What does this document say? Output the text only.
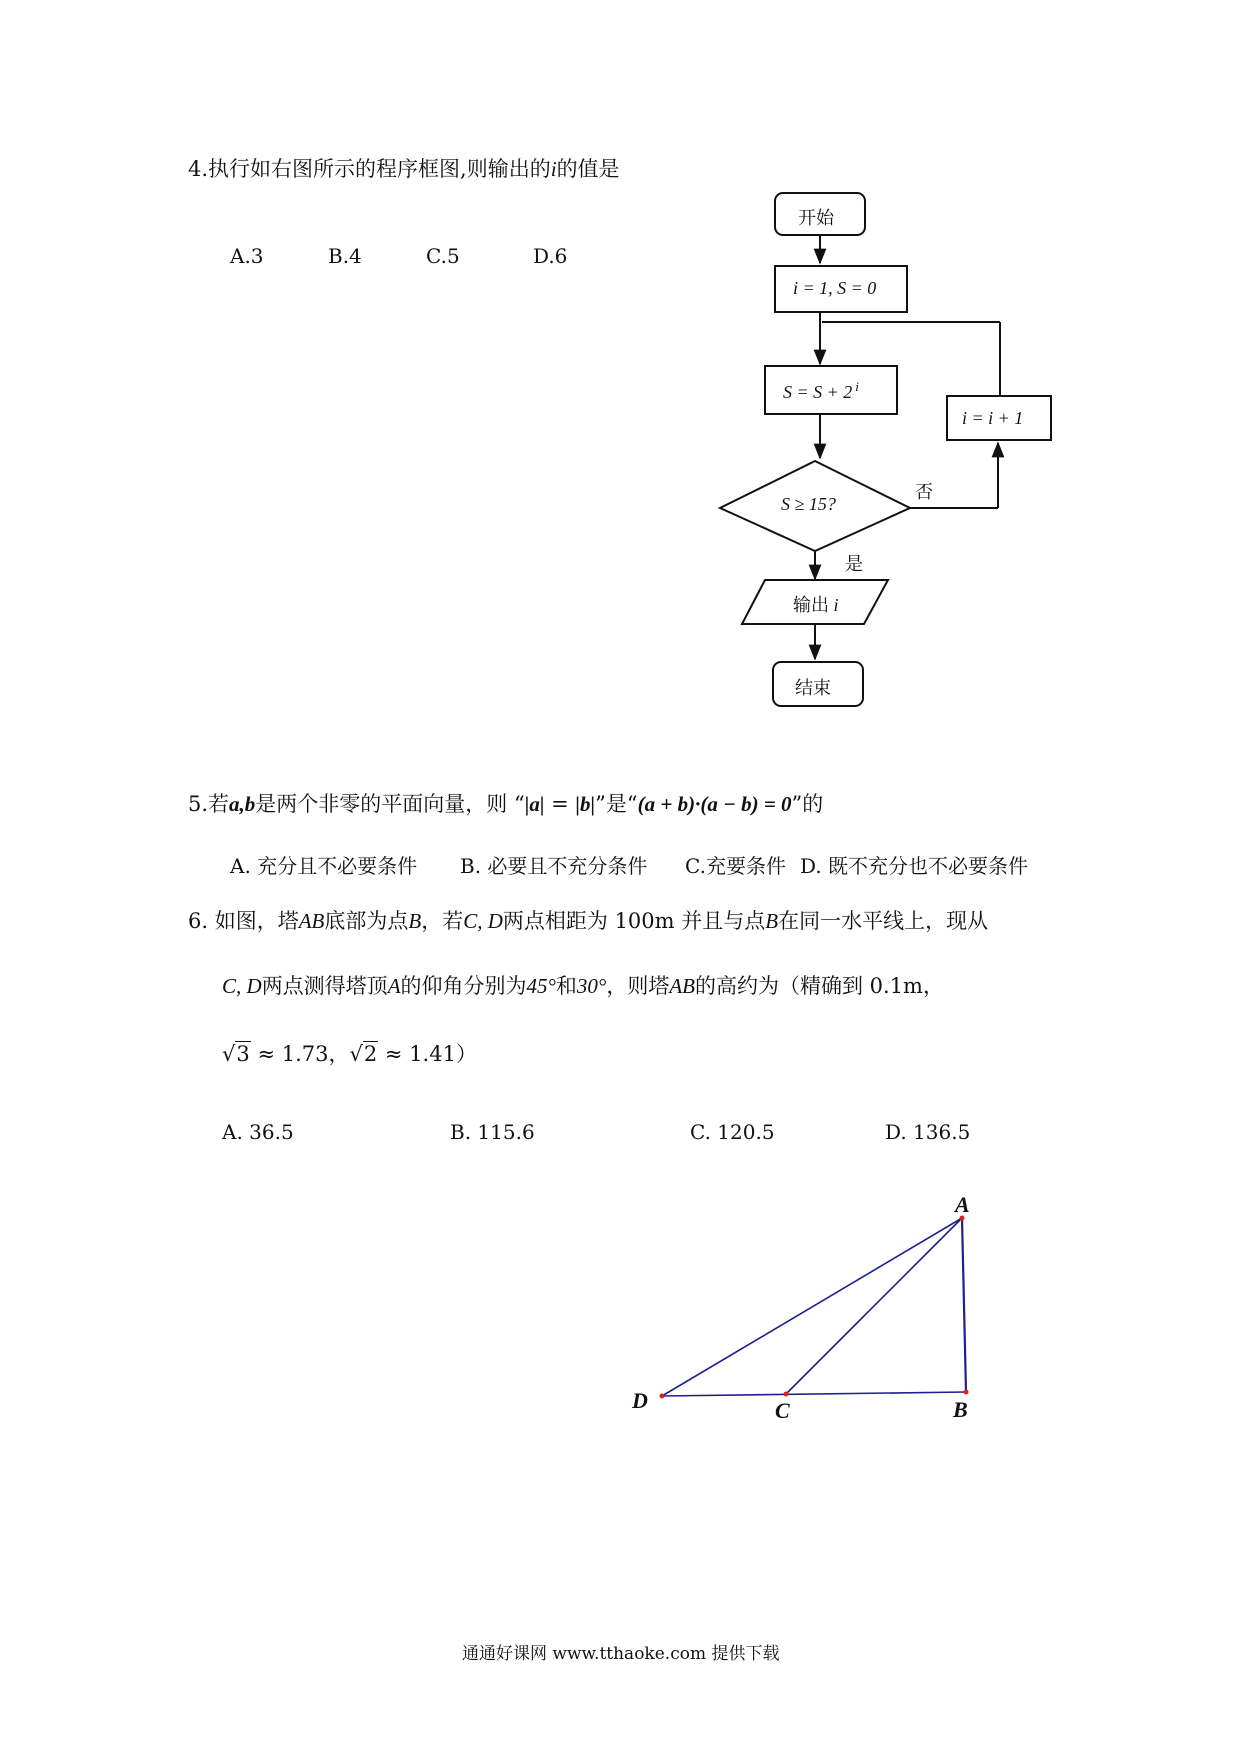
4.执行如右图所示的程序框图,则输出的i的值是
A.3	B.4	C.5	D.6
开始
i = 1, S = 0
S = S + 2 $^i$
i = i + 1
S ≥ 15?
否
是
输出 i
结束
5.若a,b是两个非零的平面向量，则 “|a| = |b|”是“(a + b)·(a − b) = 0”的
A. 充分且不必要条件 B. 必要且不充分条件 C.充要条件 D. 既不充分也不必要条件
6. 如图，塔AB底部为点B，若C, D两点相距为 100m 并且与点B在同一水平线上，现从
C, D两点测得塔顶A的仰角分别为45°和30°，则塔AB的高约为（精确到 0.1m，
√3 ≈ 1.73，√2 ≈ 1.41）
A. 36.5	B. 115.6	C. 120.5	D. 136.5
A
B
C
D
通通好课网 www.tthaoke.com 提供下载
